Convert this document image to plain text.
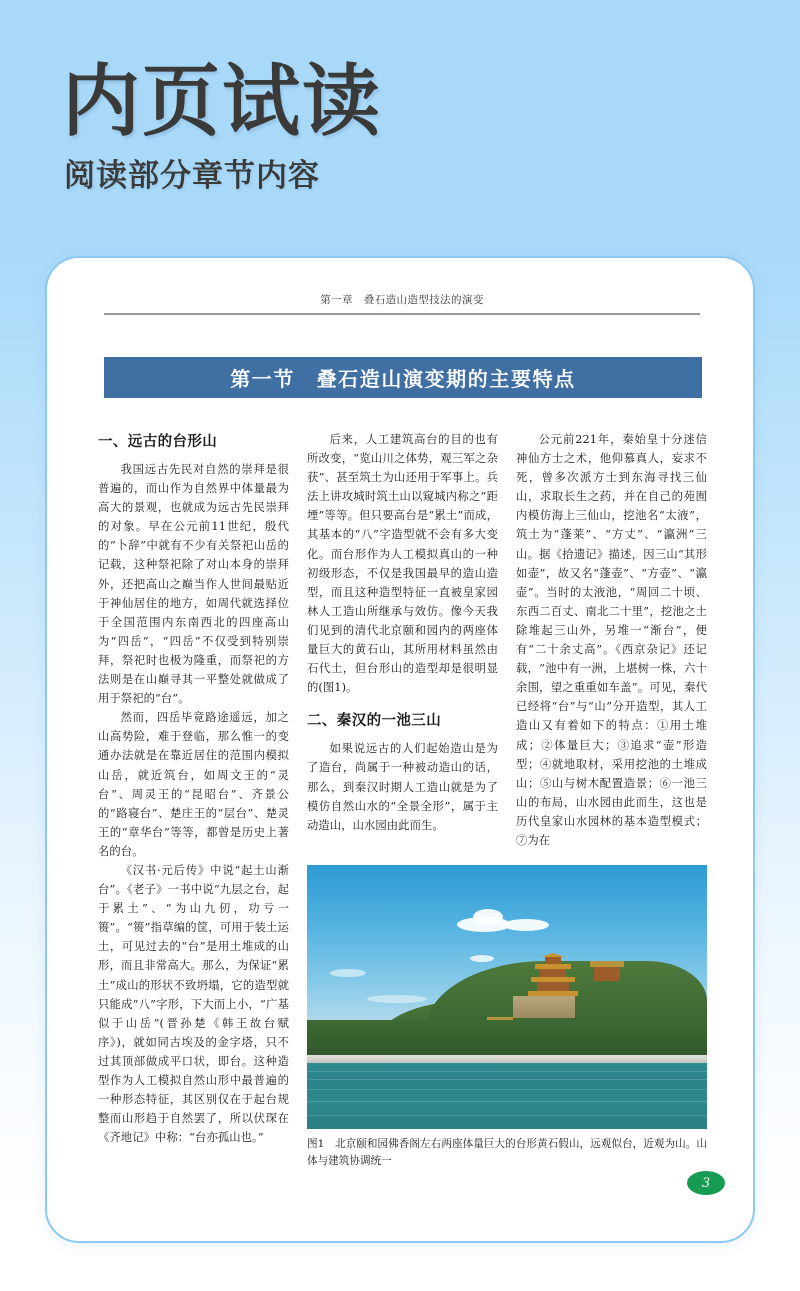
内页试读
阅读部分章节内容
第一章　叠石造山造型技法的演变
第一节　叠石造山演变期的主要特点
一、远古的台形山

我国远古先民对自然的崇拜是很普遍的，而山作为自然界中体量最为高大的景观，也就成为远古先民崇拜的对象。早在公元前11世纪，殷代的“卜辞”中就有不少有关祭祀山岳的记载，这种祭祀除了对山本身的崇拜外，还把高山之巅当作人世间最贴近于神仙居住的地方，如周代就选择位于全国范围内东南西北的四座高山为“四岳”，“四岳”不仅受到特别崇拜，祭祀时也极为隆重，而祭祀的方法则是在山巅寻其一平整处就做成了用于祭祀的“台”。

然而，四岳毕竟路途遥远，加之山高势险，难于登临，那么惟一的变通办法就是在靠近居住的范围内模拟山岳，就近筑台，如周文王的“灵台”、周灵王的“昆昭台”、齐景公的“路寝台”、楚庄王的“层台”、楚灵王的“章华台”等等，都曾是历史上著名的台。

《汉书·元后传》中说“起土山渐台”。《老子》一书中说“九层之台，起于累土”、“为山九仞，功亏一篑”。“篑”指草编的筐，可用于装土运土，可见过去的“台”是用土堆成的山形，而且非常高大。那么，为保证“累土”成山的形状不致坍塌，它的造型就只能成“八”字形，下大而上小，“广基似于山岳”(晋孙楚《韩王故台赋序》)，就如同古埃及的金字塔，只不过其顶部做成平口状，即台。这种造型作为人工模拟自然山形中最普遍的一种形态特征，其区别仅在于起台规整而山形趋于自然罢了，所以伏琛在《齐地记》中称：“台亦孤山也。”

后来，人工建筑高台的目的也有所改变，“览山川之体势，观三军之杂获”、甚至筑土为山还用于军事上。兵法上讲攻城时筑土山以窥城内称之“距堙”等等。但只要高台是“累土”而成，其基本的“八”字造型就不会有多大变化。而台形作为人工模拟真山的一种初级形态，不仅是我国最早的造山造型，而且这种造型特征一直被皇家园林人工造山所继承与效仿。像今天我们见到的清代北京颐和园内的两座体量巨大的黄石山，其所用材料虽然由石代土，但台形山的造型却是很明显的(图1)。

二、秦汉的一池三山

如果说远古的人们起始造山是为了造台，尚属于一种被动造山的话，那么，到秦汉时期人工造山就是为了模仿自然山水的“全景全形”，属于主动造山，山水园由此而生。

公元前221年，秦始皇十分迷信神仙方士之术，他仰慕真人，妄求不死，曾多次派方士到东海寻找三仙山，求取长生之药，并在自己的苑囿内模仿海上三仙山，挖池名“太液”，筑土为“蓬莱”、“方丈”、“瀛洲”三山。据《拾遗记》描述，因三山“其形如壶”，故又名“蓬壶”、“方壶”、“瀛壶”。当时的太液池，“周回二十顷、东西二百丈、南北二十里”，挖池之土除堆起三山外，另堆一“渐台”，便有“二十余丈高”。《西京杂记》还记载，“池中有一洲，上堪树一株，六十余围，望之重重如车盖”。可见，秦代已经将“台”与“山”分开造型，其人工造山又有着如下的特点：①用土堆成；②体量巨大；③追求“壶”形造型；④就地取材，采用挖池的土堆成山；⑤山与树木配置造景；⑥一池三山的布局，山水园由此而生，这也是历代皇家山水园林的基本造型模式；⑦为在

图1　北京颐和园佛香阁左右两座体量巨大的台形黄石假山，远观似台，近观为山。山体与建筑协调统一
3
